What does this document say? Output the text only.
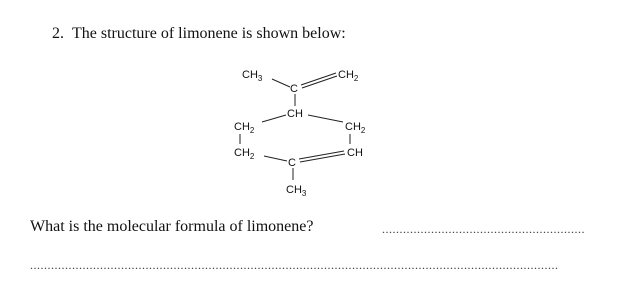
2. The structure of limonene is shown below:
$CH_3$	$CH_2$
C
CH
$CH_2$	$CH_2$
$CH_2$	CH
C
$CH_3$
What is the molecular formula of limonene?	..........................................................
.......................................................................................................................................................
